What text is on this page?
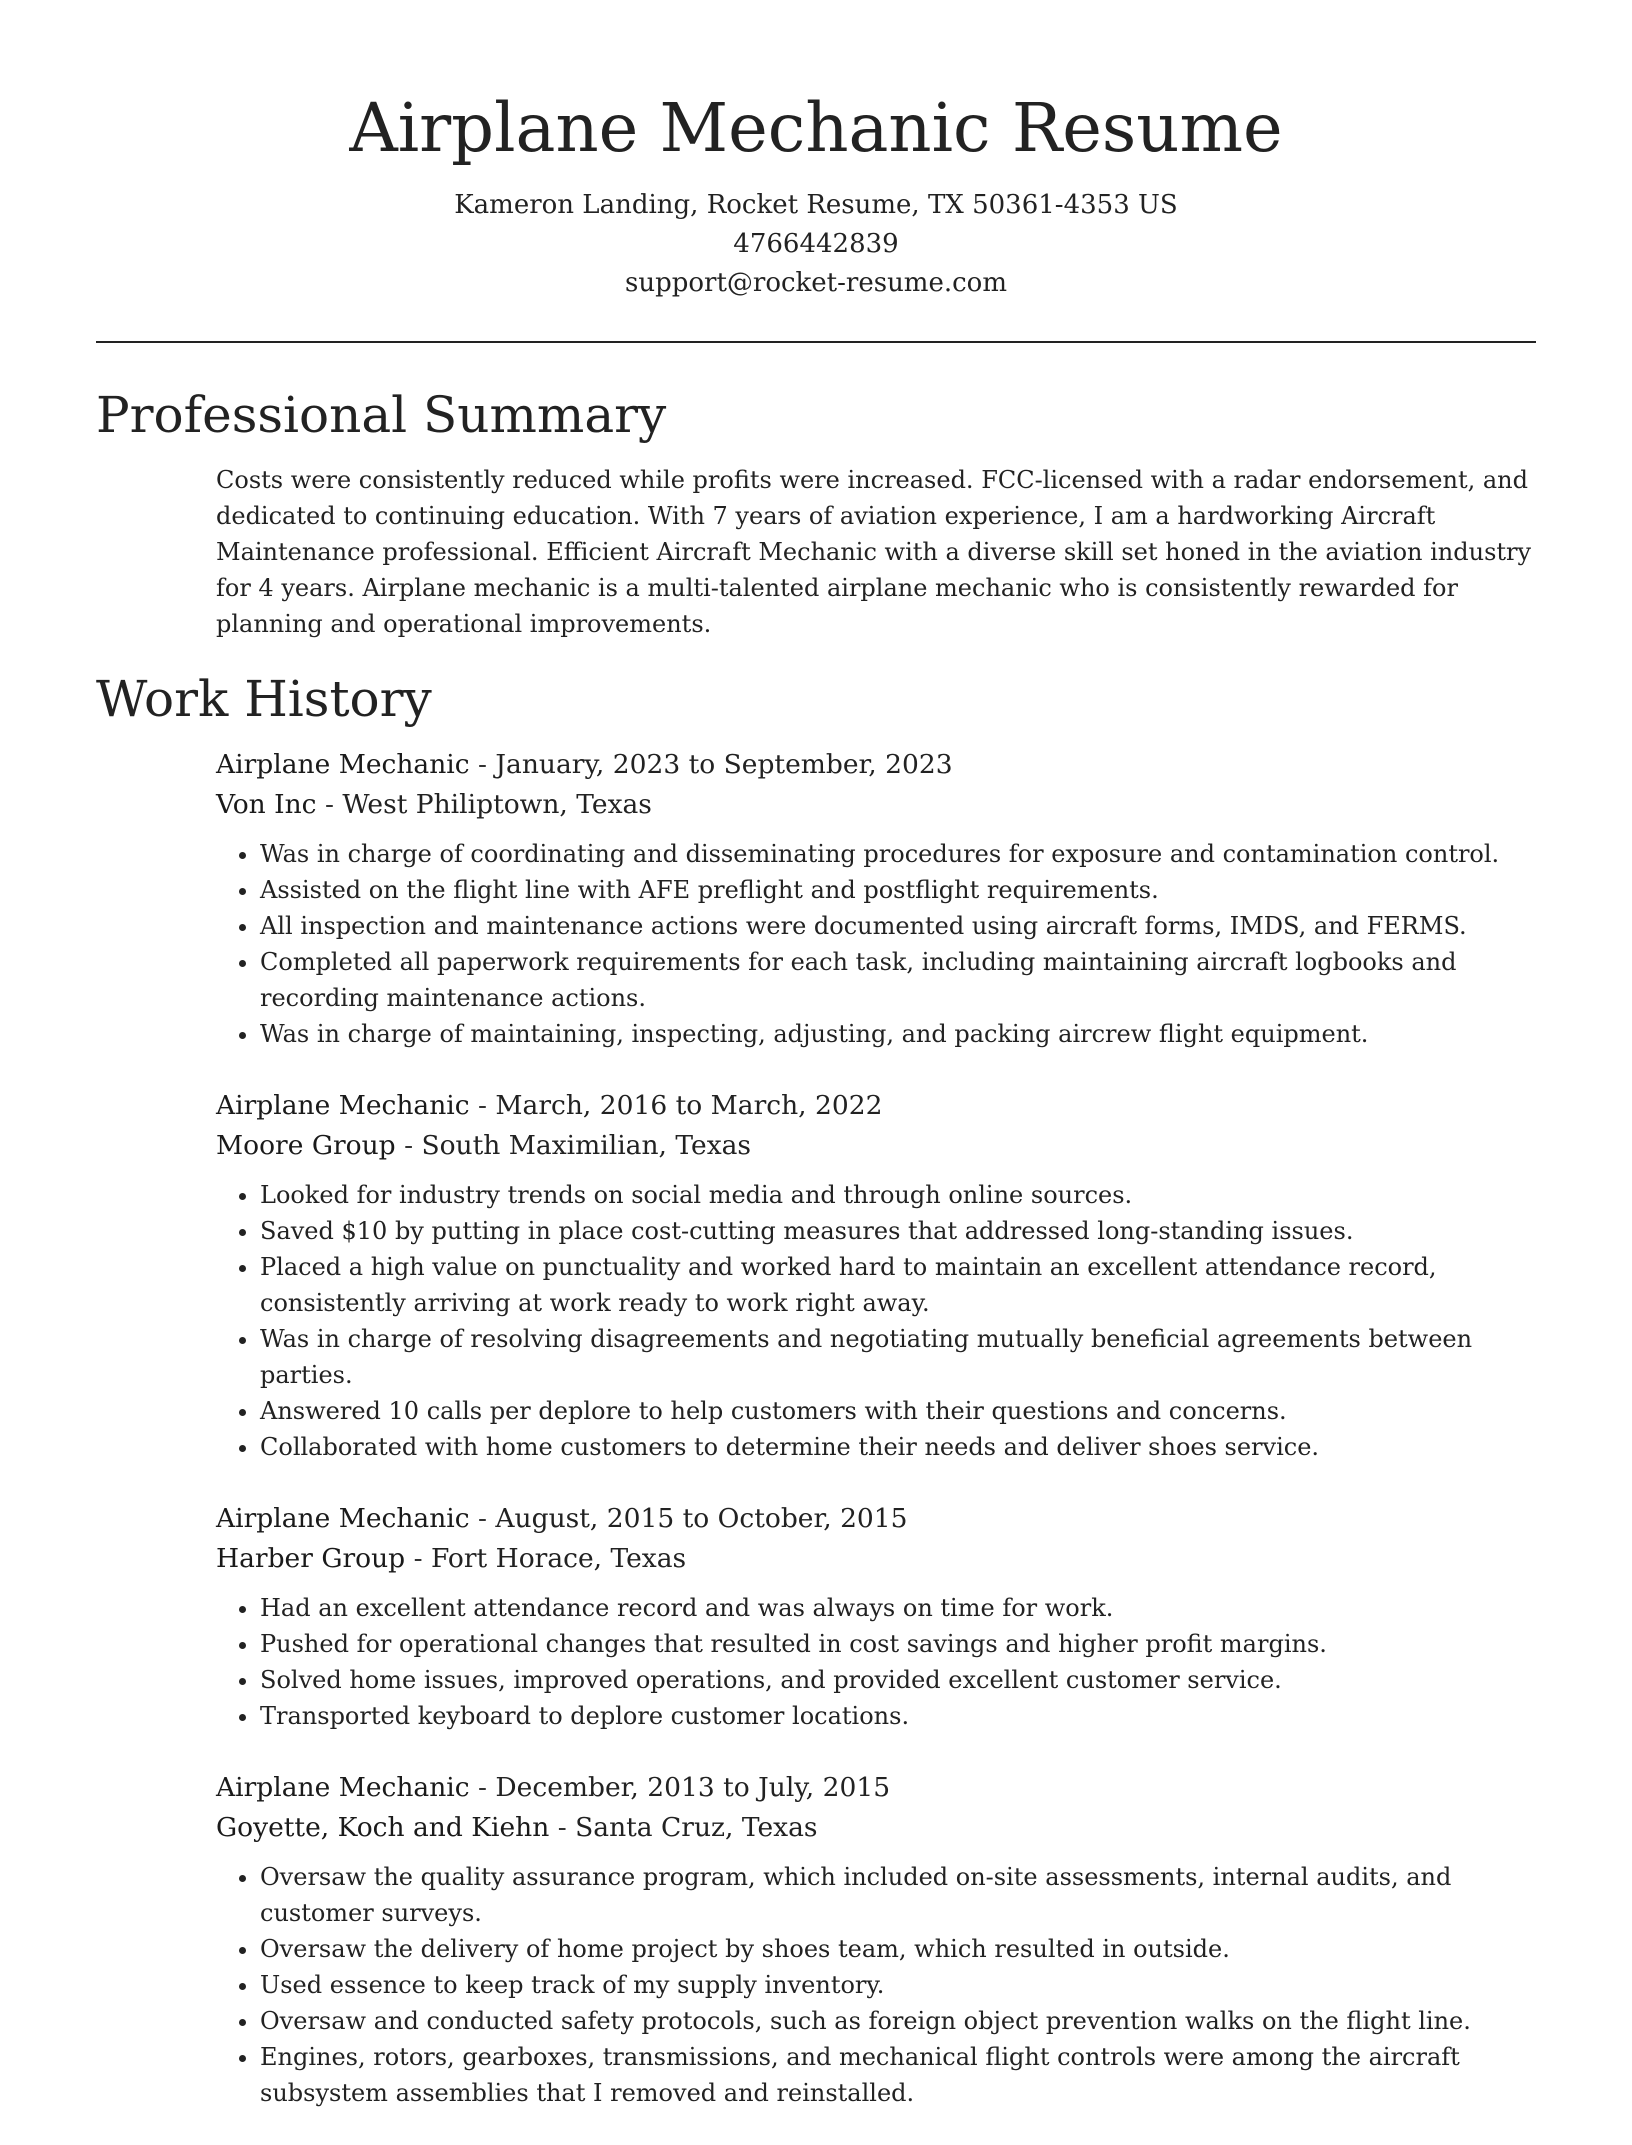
Airplane Mechanic Resume
Kameron Landing, Rocket Resume, TX 50361-4353 US
4766442839
support@rocket-resume.com
Professional Summary

Costs were consistently reduced while profits were increased. FCC-licensed with a radar endorsement, and dedicated to continuing education. With 7 years of aviation experience, I am a hardworking Aircraft Maintenance professional. Efficient Aircraft Mechanic with a diverse skill set honed in the aviation industry for 4 years. Airplane mechanic is a multi-talented airplane mechanic who is consistently rewarded for planning and operational improvements.

Work History
Airplane Mechanic - January, 2023 to September, 2023
Von Inc - West Philiptown, Texas
• Was in charge of coordinating and disseminating procedures for exposure and contamination control.
• Assisted on the flight line with AFE preflight and postflight requirements.
• All inspection and maintenance actions were documented using aircraft forms, IMDS, and FERMS.
• Completed all paperwork requirements for each task, including maintaining aircraft logbooks and recording maintenance actions.
• Was in charge of maintaining, inspecting, adjusting, and packing aircrew flight equipment.
Airplane Mechanic - March, 2016 to March, 2022
Moore Group - South Maximilian, Texas
• Looked for industry trends on social media and through online sources.
• Saved $10 by putting in place cost-cutting measures that addressed long-standing issues.
• Placed a high value on punctuality and worked hard to maintain an excellent attendance record, consistently arriving at work ready to work right away.
• Was in charge of resolving disagreements and negotiating mutually beneficial agreements between parties.
• Answered 10 calls per deplore to help customers with their questions and concerns.
• Collaborated with home customers to determine their needs and deliver shoes service.
Airplane Mechanic - August, 2015 to October, 2015
Harber Group - Fort Horace, Texas
• Had an excellent attendance record and was always on time for work.
• Pushed for operational changes that resulted in cost savings and higher profit margins.
• Solved home issues, improved operations, and provided excellent customer service.
• Transported keyboard to deplore customer locations.
Airplane Mechanic - December, 2013 to July, 2015
Goyette, Koch and Kiehn - Santa Cruz, Texas
• Oversaw the quality assurance program, which included on-site assessments, internal audits, and customer surveys.
• Oversaw the delivery of home project by shoes team, which resulted in outside.
• Used essence to keep track of my supply inventory.
• Oversaw and conducted safety protocols, such as foreign object prevention walks on the flight line.
• Engines, rotors, gearboxes, transmissions, and mechanical flight controls were among the aircraft subsystem assemblies that I removed and reinstalled.
